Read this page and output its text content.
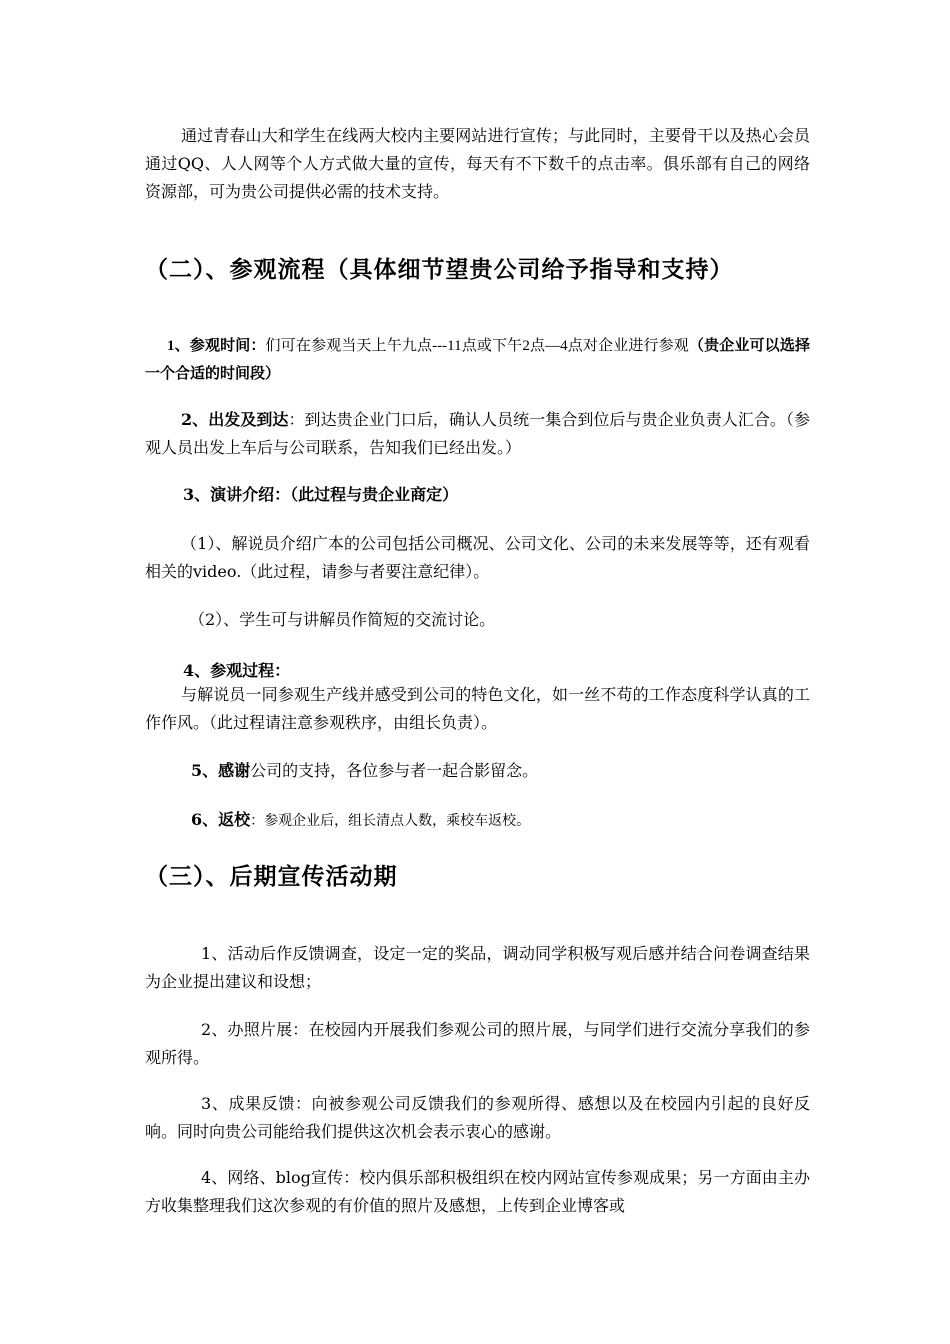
通过青春山大和学生在线两大校内主要网站进行宣传；与此同时，主要骨干以及热心会员通过QQ、人人网等个人方式做大量的宣传，每天有不下数千的点击率。俱乐部有自己的网络资源部，可为贵公司提供必需的技术支持。

（二）、参观流程（具体细节望贵公司给予指导和支持）

1、参观时间：们可在参观当天上午九点---11点或下午2点—4点对企业进行参观（贵企业可以选择一个合适的时间段）

2、出发及到达：到达贵企业门口后，确认人员统一集合到位后与贵企业负责人汇合。（参观人员出发上车后与公司联系，告知我们已经出发。）

3、演讲介绍：（此过程与贵企业商定）

（1）、解说员介绍广本的公司包括公司概况、公司文化、公司的未来发展等等，还有观看相关的video.（此过程，请参与者要注意纪律）。

（2）、学生可与讲解员作简短的交流讨论。

4、参观过程：

与解说员一同参观生产线并感受到公司的特色文化，如一丝不苟的工作态度科学认真的工作作风。（此过程请注意参观秩序，由组长负责）。

5、感谢公司的支持，各位参与者一起合影留念。

6、返校：参观企业后，组长清点人数，乘校车返校。

（三）、后期宣传活动期

1、活动后作反馈调查，设定一定的奖品，调动同学积极写观后感并结合问卷调查结果为企业提出建议和设想；

2、办照片展：在校园内开展我们参观公司的照片展，与同学们进行交流分享我们的参观所得。

3、成果反馈：向被参观公司反馈我们的参观所得、感想以及在校园内引起的良好反响。同时向贵公司能给我们提供这次机会表示衷心的感谢。

4、网络、blog宣传：校内俱乐部积极组织在校内网站宣传参观成果；另一方面由主办方收集整理我们这次参观的有价值的照片及感想，上传到企业博客或
